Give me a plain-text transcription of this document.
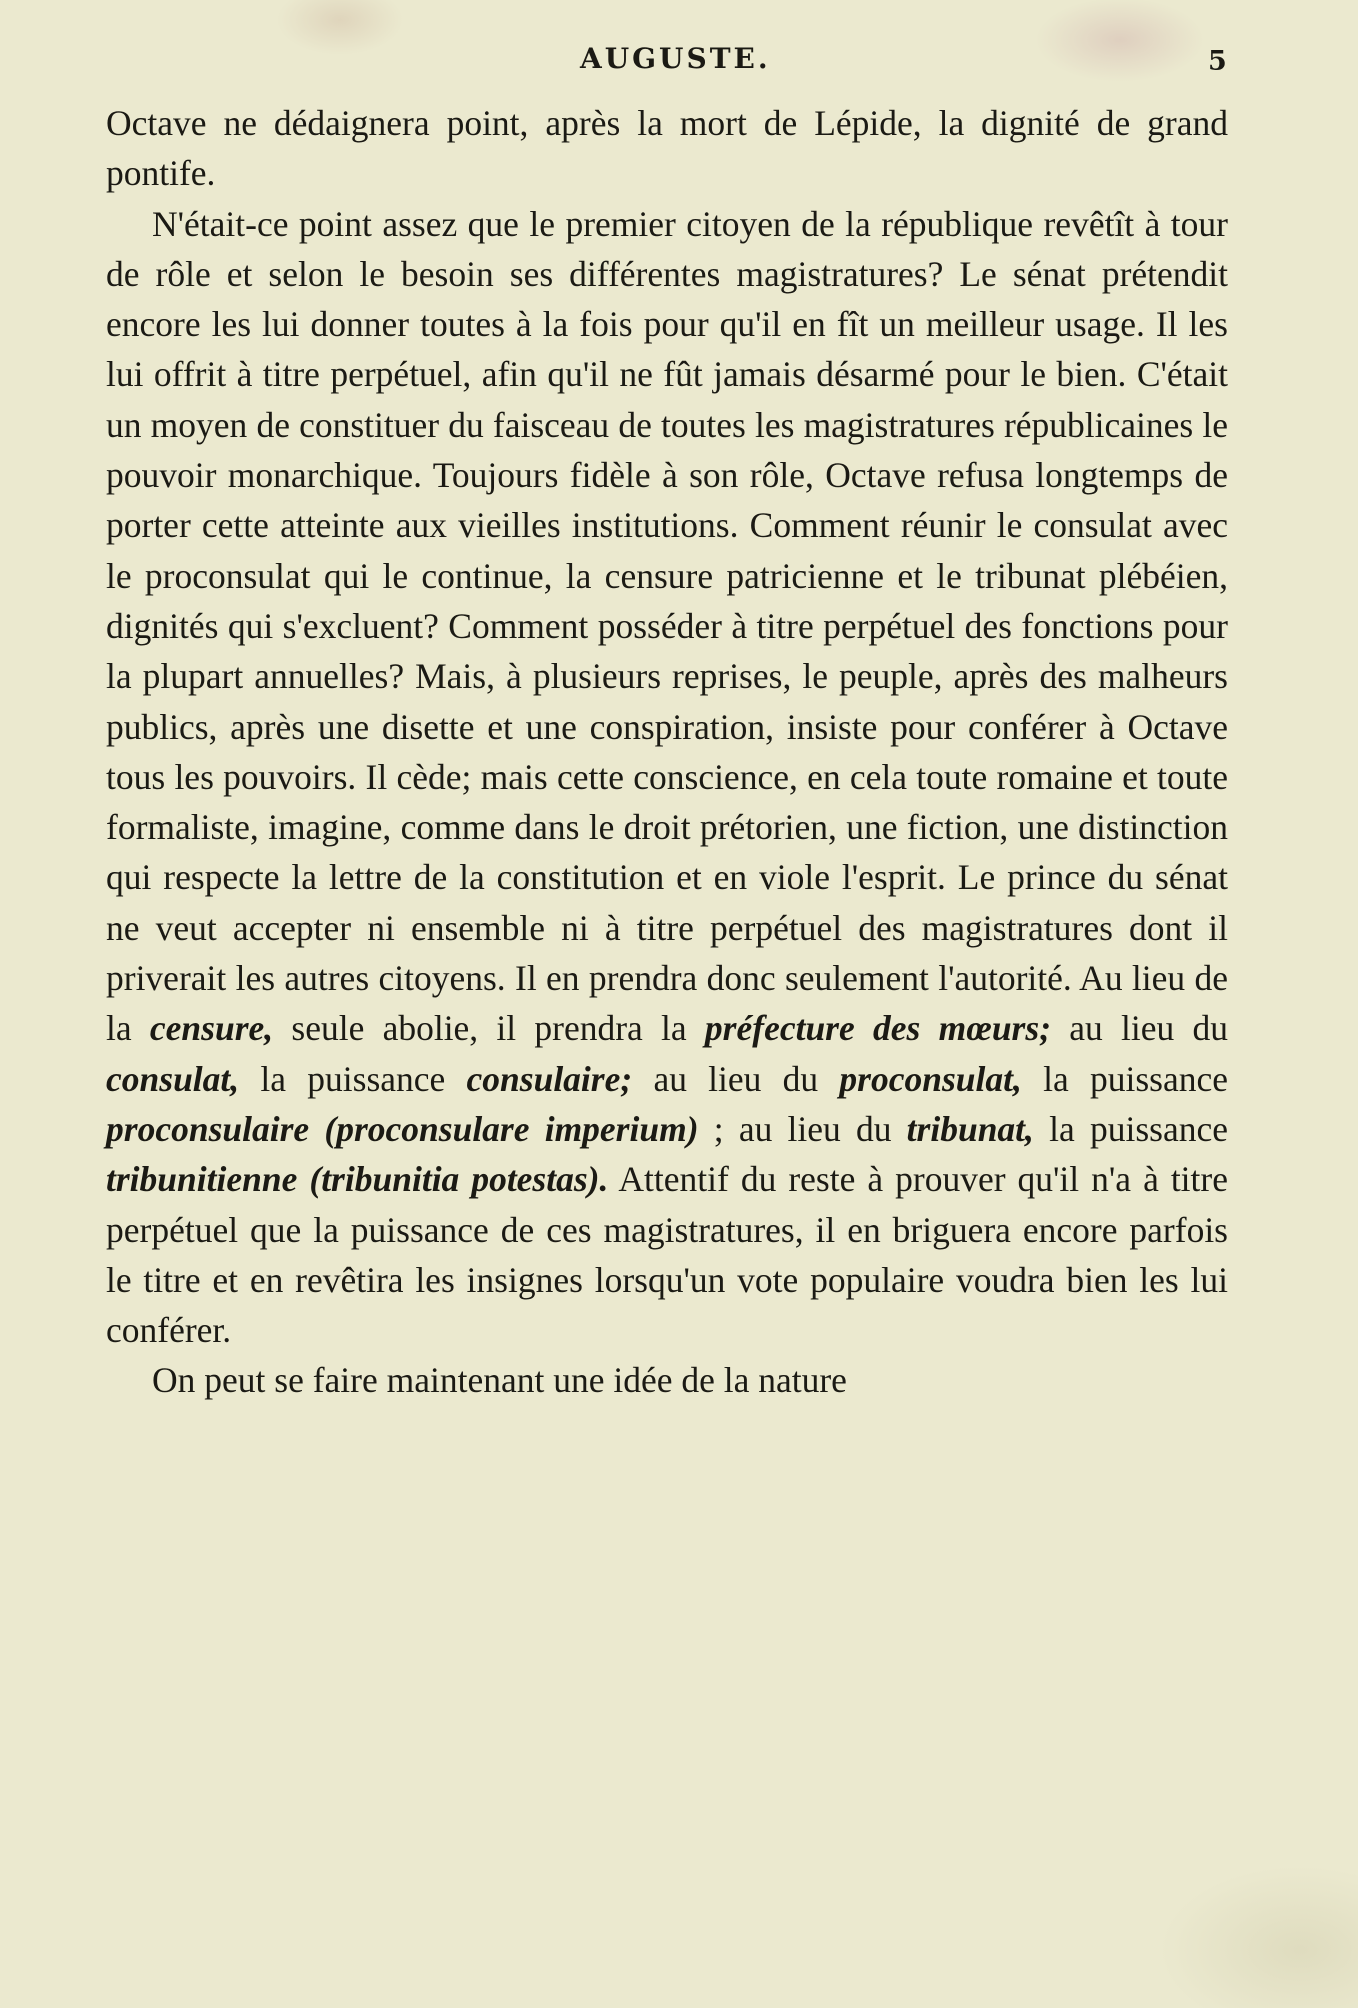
AUGUSTE.	5

Octave ne dédaignera point, après la mort de Lépide, la dignité de grand pontife.

N'était-ce point assez que le premier citoyen de la république revêtît à tour de rôle et selon le besoin ses différentes magistratures? Le sénat prétendit encore les lui donner toutes à la fois pour qu'il en fît un meilleur usage. Il les lui offrit à titre perpétuel, afin qu'il ne fût jamais désarmé pour le bien. C'était un moyen de constituer du faisceau de toutes les magistratures républicaines le pouvoir monarchique. Toujours fidèle à son rôle, Octave refusa longtemps de porter cette atteinte aux vieilles institutions. Comment réunir le consulat avec le proconsulat qui le continue, la censure patricienne et le tribunat plébéien, dignités qui s'excluent? Comment posséder à titre perpétuel des fonctions pour la plupart annuelles? Mais, à plusieurs reprises, le peuple, après des malheurs publics, après une disette et une conspiration, insiste pour conférer à Octave tous les pouvoirs. Il cède; mais cette conscience, en cela toute romaine et toute formaliste, imagine, comme dans le droit prétorien, une fiction, une distinction qui respecte la lettre de la constitution et en viole l'esprit. Le prince du sénat ne veut accepter ni ensemble ni à titre perpétuel des magistratures dont il priverait les autres citoyens. Il en prendra donc seulement l'autorité. Au lieu de la censure, seule abolie, il prendra la préfecture des mœurs; au lieu du consulat, la puissance consulaire; au lieu du proconsulat, la puissance proconsulaire (proconsulare imperium) ; au lieu du tribunat, la puissance tribunitienne (tribunitia potestas). Attentif du reste à prouver qu'il n'a à titre perpétuel que la puissance de ces magistratures, il en briguera encore parfois le titre et en revêtira les insignes lorsqu'un vote populaire voudra bien les lui conférer.

On peut se faire maintenant une idée de la nature
